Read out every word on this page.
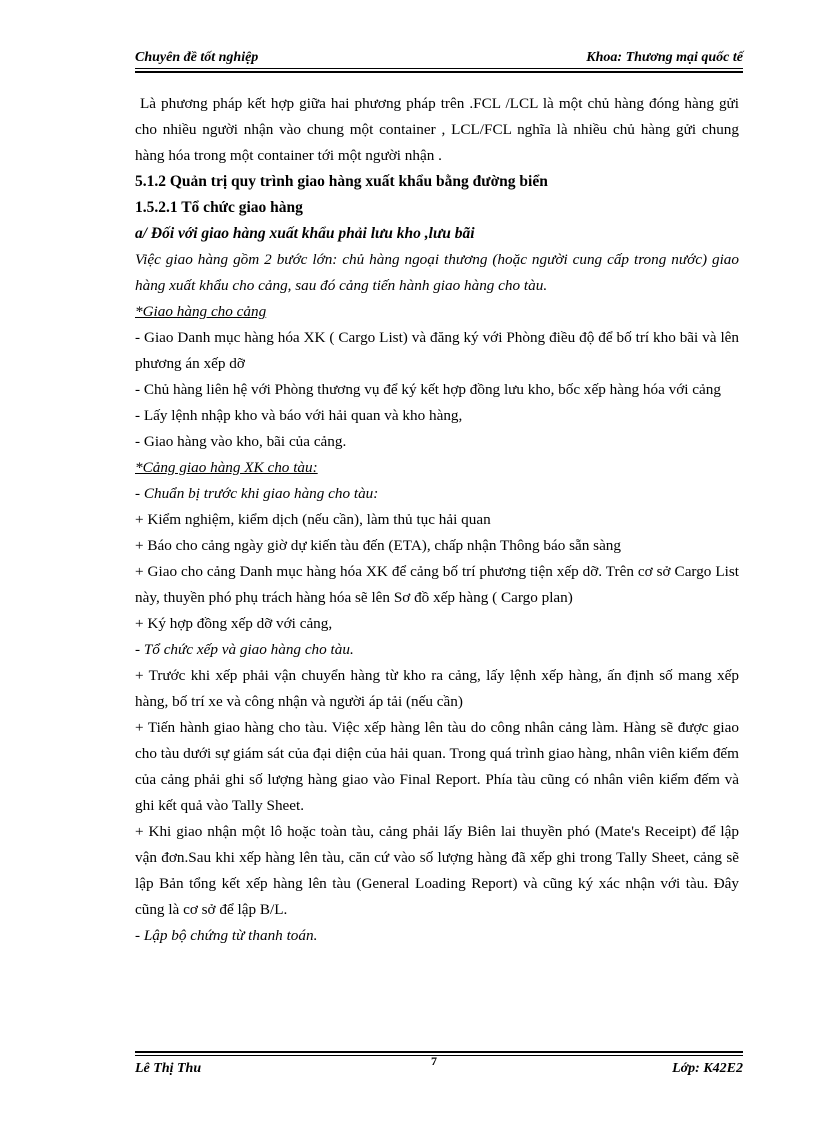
Chuyên đề tốt nghiệp	Khoa: Thương mại quốc tế

Là phương pháp kết hợp giữa hai phương pháp trên .FCL /LCL là một chủ hàng đóng hàng gửi cho nhiều người nhận vào chung một container , LCL/FCL nghĩa là nhiều chủ hàng gửi chung hàng hóa trong một container tới một người nhận .

5.1.2 Quản trị quy trình giao hàng xuất khẩu bằng đường biển

1.5.2.1 Tổ chức giao hàng

a/ Đối với giao hàng xuất khẩu phải lưu kho ,lưu bãi

Việc giao hàng gồm 2 bước lớn: chủ hàng ngoại thương (hoặc người cung cấp trong nước) giao hàng xuất khẩu cho cảng, sau đó cảng tiến hành giao hàng cho tàu.

*Giao hàng cho cảng

- Giao Danh mục hàng hóa XK ( Cargo List) và đăng ký với Phòng điều độ để bố trí kho bãi và lên phương án xếp dỡ

- Chủ hàng liên hệ với Phòng thương vụ để ký kết hợp đồng lưu kho, bốc xếp hàng hóa với cảng

- Lấy lệnh nhập kho và báo với hải quan và kho hàng,

- Giao hàng vào kho, bãi của cảng.

*Cảng giao hàng XK cho tàu:

- Chuẩn bị trước khi giao hàng cho tàu:

+ Kiểm nghiệm, kiểm dịch (nếu cần), làm thủ tục hải quan

+ Báo cho cảng ngày giờ dự kiến tàu đến (ETA), chấp nhận Thông báo sẵn sàng

+ Giao cho cảng Danh mục hàng hóa XK để cảng bố trí phương tiện xếp dỡ. Trên cơ sở Cargo List này, thuyền phó phụ trách hàng hóa sẽ lên Sơ đồ xếp hàng ( Cargo plan)

+ Ký hợp đồng xếp dỡ với cảng,

- Tổ chức xếp và giao hàng cho tàu.

+ Trước khi xếp phải vận chuyển hàng từ kho ra cảng, lấy lệnh xếp hàng, ấn định số mang xếp hàng, bố trí xe và công nhận và người áp tải (nếu cần)

+ Tiến hành giao hàng cho tàu. Việc xếp hàng lên tàu do công nhân cảng làm. Hàng sẽ được giao cho tàu dưới sự giám sát của đại diện của hải quan. Trong quá trình giao hàng, nhân viên kiểm đếm của cảng phải ghi số lượng hàng giao vào Final Report. Phía tàu cũng có nhân viên kiểm đếm và ghi kết quả vào Tally Sheet.

+ Khi giao nhận một lô hoặc toàn tàu, cảng phải lấy Biên lai thuyền phó (Mate's Receipt) để lập vận đơn.Sau khi xếp hàng lên tàu, căn cứ vào số lượng hàng đã xếp ghi trong Tally Sheet, cảng sẽ lập Bản tổng kết xếp hàng lên tàu (General Loading Report) và cũng ký xác nhận với tàu. Đây cũng là cơ sở để lập B/L.

- Lập bộ chứng từ thanh toán.

Lê Thị Thu	7	Lớp: K42E2
